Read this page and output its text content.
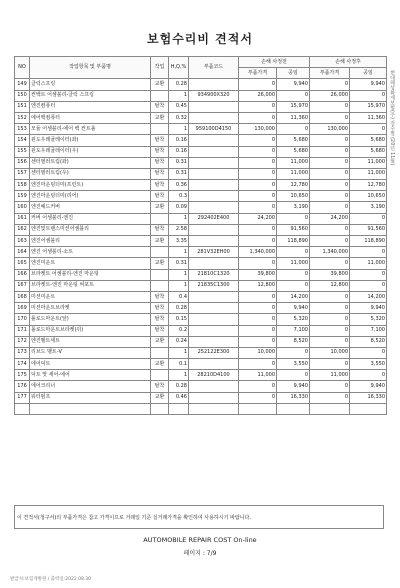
보험수리비 견적서
현대해상화재보험(주) 검수필 (20년 11월)
NO	작업항목 및 부품명	작업	H,Q,%	부품코드	손해 사정전		손해 사정후	
					부품가격	공임	부품가격	공임
149	클럭스프링	교환	0.28		0	9,940	0	9,940
150	컨백트 어셈블리-클럭 스프링		1	934900X320	26,000	0	26,000	0
151	엔진컴퓨터	탈착	0.45		0	15,970	0	15,970
152	에어백컴퓨터	교환	0.32		0	11,360	0	11,360
153	모듈 어셈블리-에어 백 컨트롤		1	959100D4150	130,000	0	130,000	0
154	윈도우레귤레이터(좌)	탈착	0.16		0	5,680	0	5,680
155	윈도우레귤레이터(우)	탈착	0.16		0	5,680	0	5,680
156	센터필러트림(좌)	탈착	0.31		0	11,000	0	11,000
157	센터필러트림(우)	탈착	0.31		0	11,000	0	11,000
158	엔진마운팅더미(프런트)	탈착	0.36		0	12,780	0	12,780
159	엔진마운팅더미(리어)	탈착	0.3		0	10,650	0	10,650
160	엔진헤드커버	교환	0.09		0	3,190	0	3,190
161	커버 어셈블리-엔진		1	292402E400	24,200	0	24,200	0
162	엔진및트랜스미션어셈블리	탈착	2.58		0	91,560	0	91,560
163	엔진어셈블리	교환	3.35		0	118,890	0	118,890
164	엔진 어셈블리-소트		1	281V32EH00	1,340,000	0	1,340,000	0
165	엔진미운트	교환	0.31		0	11,000	0	11,000
166	브라켓트 어셈블리-엔진 마운팅		1	21810C1320	39,800	0	39,800	0
167	브라켓트-엔진 마운팅 써포트		1	21835C1300	12,800	0	12,800	0
168	미션미운트	탈착	0.4		0	14,200	0	14,200
169	미션마운트브라켓	탈착	0.28		0	9,940	0	9,940
170	롤로드마운트(앞)	탈착	0.15		0	5,320	0	5,320
171	롤로드마운트브라켓(뒤)	탈착	0.2		0	7,100	0	7,100
172	엔진벨트세트	교환	0.24		0	8,520	0	8,520
173	리브드 벨트-V		1	252122E300	10,000	0	10,000	0
174	에어덕트	교환	0.1		0	3,550	0	3,550
175	덕트 맛 세어-에어		1	28210D4100	11,000	0	11,000	0
176	에어크리너	탈착	0.28		0	9,940	0	9,940
177	워터펌프	교환	0.46		0	16,330	0	16,330

이 견적서(청구서)의 부품가격은 참고 가격이므로 거래일 기준 실거래가격을 확인하여 사용하시기 바랍니다.
AUTOMOBILE REPAIR COST On-line
페이지 : 7/9
발급처:보험개발원 / 출력일:2022.08.30
